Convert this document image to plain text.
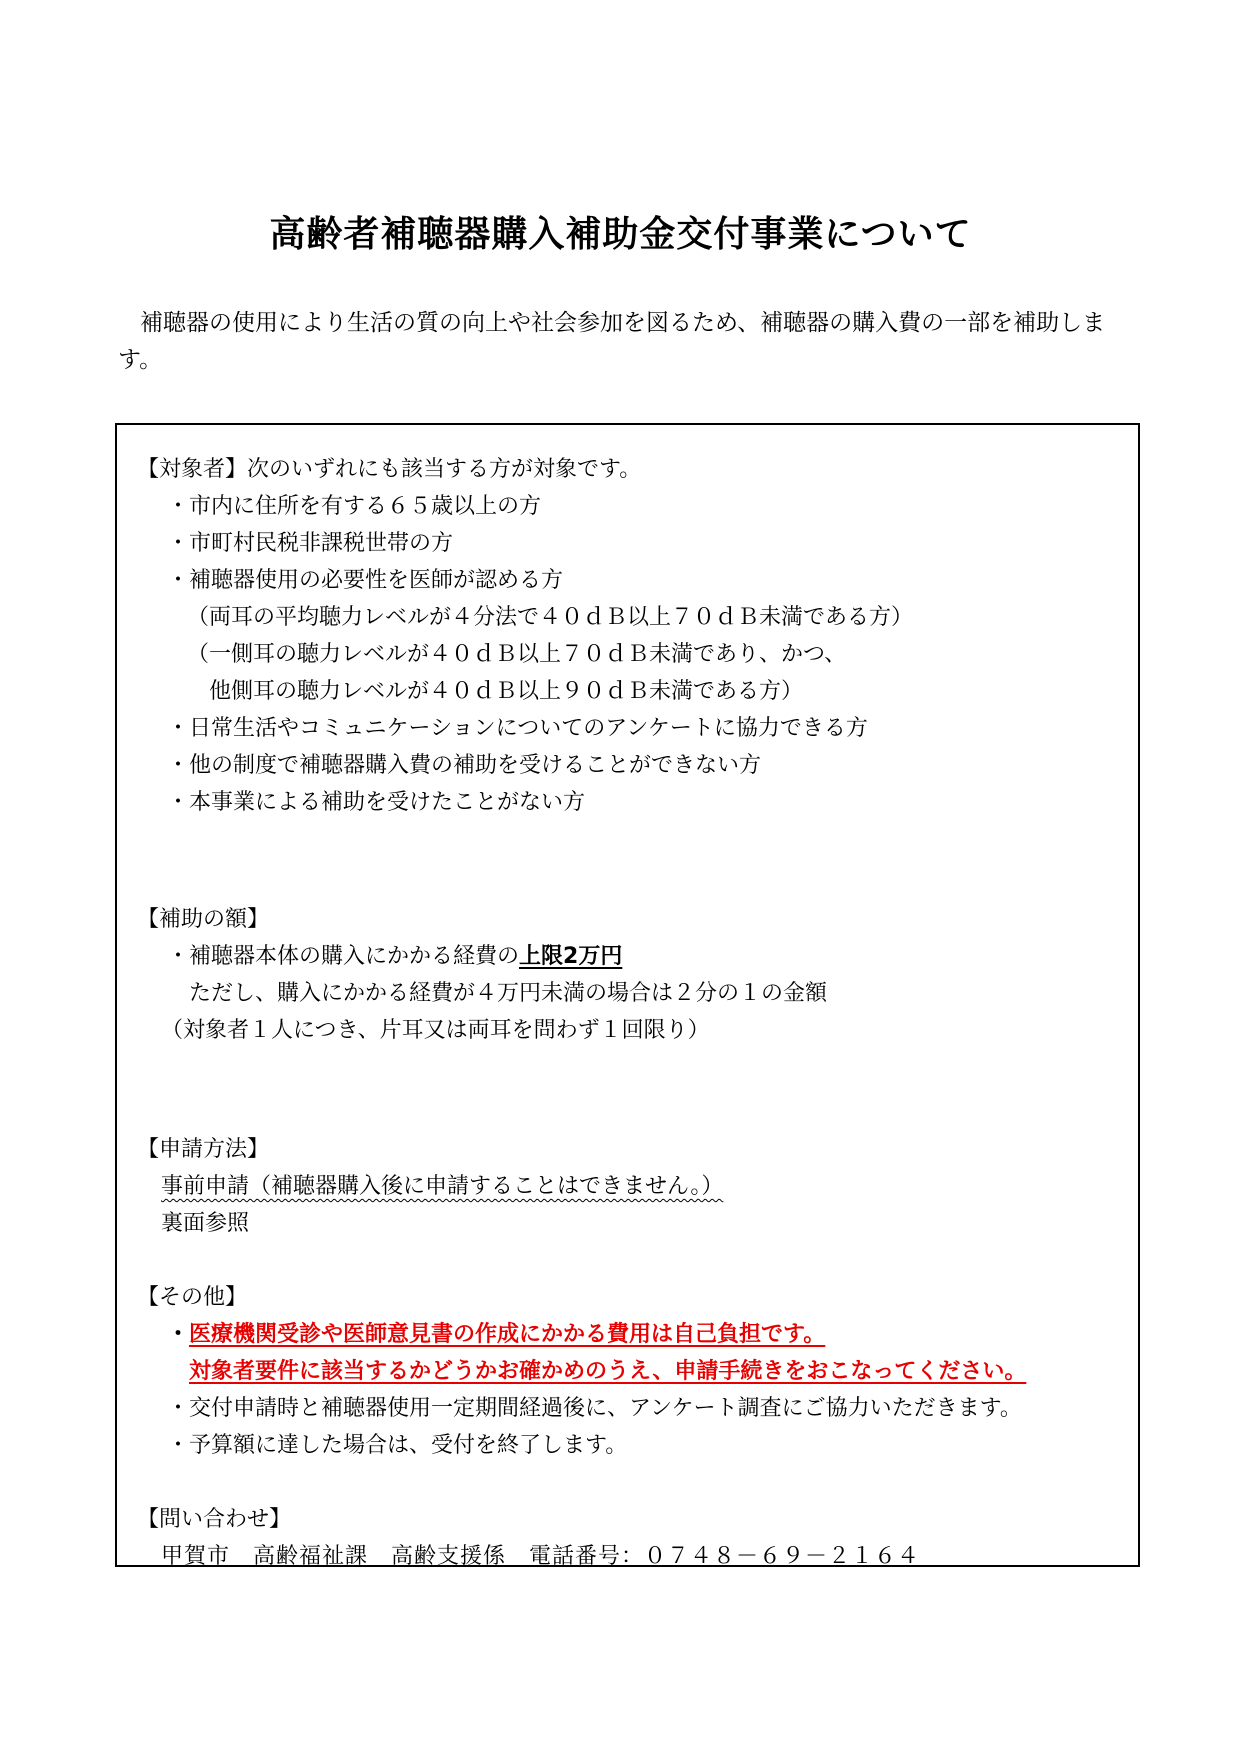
高齢者補聴器購入補助金交付事業について
補聴器の使用により生活の質の向上や社会参加を図るため、補聴器の購入費の一部を補助します。
【対象者】次のいずれにも該当する方が対象です。
・市内に住所を有する６５歳以上の方
・市町村民税非課税世帯の方
・補聴器使用の必要性を医師が認める方
（両耳の平均聴力レベルが４分法で４０ｄＢ以上７０ｄＢ未満である方）
（一側耳の聴力レベルが４０ｄＢ以上７０ｄＢ未満であり、かつ、
他側耳の聴力レベルが４０ｄＢ以上９０ｄＢ未満である方）
・日常生活やコミュニケーションについてのアンケートに協力できる方
・他の制度で補聴器購入費の補助を受けることができない方
・本事業による補助を受けたことがない方
【補助の額】
・補聴器本体の購入にかかる経費の上限2万円
ただし、購入にかかる経費が４万円未満の場合は２分の１の金額
（対象者１人につき、片耳又は両耳を問わず１回限り）
【申請方法】
事前申請（補聴器購入後に申請することはできません。）
裏面参照
【その他】
・医療機関受診や医師意見書の作成にかかる費用は自己負担です。
対象者要件に該当するかどうかお確かめのうえ、申請手続きをおこなってください。
・交付申請時と補聴器使用一定期間経過後に、アンケート調査にご協力いただきます。
・予算額に達した場合は、受付を終了します。
【問い合わせ】
甲賀市　高齢福祉課　高齢支援係　電話番号：０７４８－６９－２１６４
